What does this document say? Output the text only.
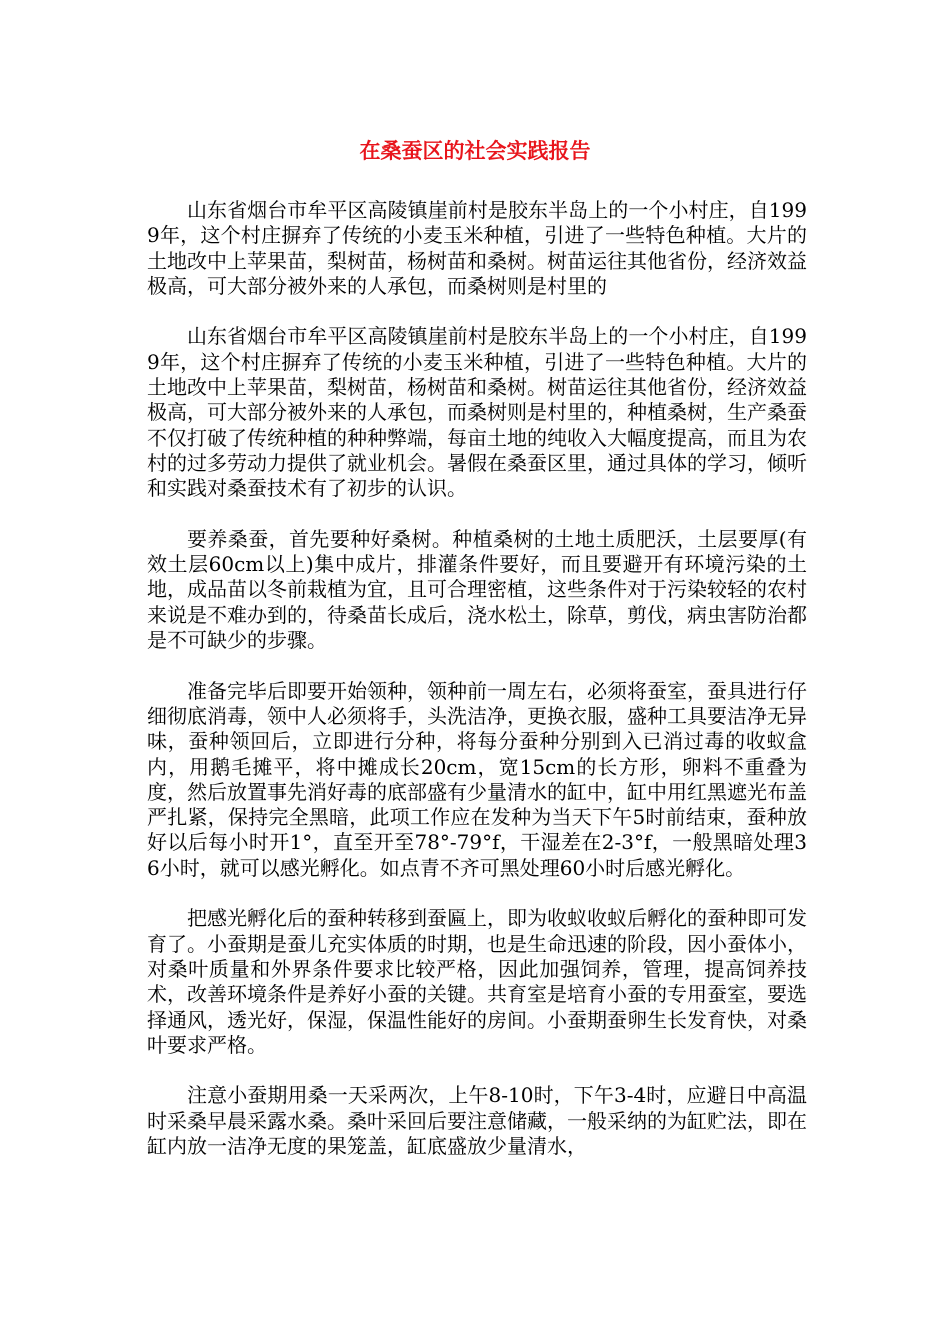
在桑蚕区的社会实践报告

山东省烟台市牟平区高陵镇崖前村是胶东半岛上的一个小村庄，自1999年，这个村庄摒弃了传统的小麦玉米种植，引进了一些特色种植。大片的土地改中上苹果苗，梨树苗，杨树苗和桑树。树苗运往其他省份，经济效益极高，可大部分被外来的人承包，而桑树则是村里的

山东省烟台市牟平区高陵镇崖前村是胶东半岛上的一个小村庄，自1999年，这个村庄摒弃了传统的小麦玉米种植，引进了一些特色种植。大片的土地改中上苹果苗，梨树苗，杨树苗和桑树。树苗运往其他省份，经济效益极高，可大部分被外来的人承包，而桑树则是村里的，种植桑树，生产桑蚕不仅打破了传统种植的种种弊端，每亩土地的纯收入大幅度提高，而且为农村的过多劳动力提供了就业机会。暑假在桑蚕区里，通过具体的学习，倾听和实践对桑蚕技术有了初步的认识。

要养桑蚕，首先要种好桑树。种植桑树的土地土质肥沃，土层要厚(有效土层60cm以上)集中成片，排灌条件要好，而且要避开有环境污染的土地，成品苗以冬前栽植为宜，且可合理密植，这些条件对于污染较轻的农村来说是不难办到的，待桑苗长成后，浇水松土，除草，剪伐，病虫害防治都是不可缺少的步骤。

准备完毕后即要开始领种，领种前一周左右，必须将蚕室，蚕具进行仔细彻底消毒，领中人必须将手，头洗洁净，更换衣服，盛种工具要洁净无异味，蚕种领回后，立即进行分种，将每分蚕种分别到入已消过毒的收蚁盒内，用鹅毛摊平，将中摊成长20cm，宽15cm的长方形，卵料不重叠为度，然后放置事先消好毒的底部盛有少量清水的缸中，缸中用红黑遮光布盖严扎紧，保持完全黑暗，此项工作应在发种为当天下午5时前结束，蚕种放好以后每小时开1°，直至开至78°-79°f，干湿差在2-3°f，一般黑暗处理36小时，就可以感光孵化。如点青不齐可黑处理60小时后感光孵化。

把感光孵化后的蚕种转移到蚕匾上，即为收蚁收蚁后孵化的蚕种即可发育了。小蚕期是蚕儿充实体质的时期，也是生命迅速的阶段，因小蚕体小，对桑叶质量和外界条件要求比较严格，因此加强饲养，管理，提高饲养技术，改善环境条件是养好小蚕的关键。共育室是培育小蚕的专用蚕室，要选择通风，透光好，保湿，保温性能好的房间。小蚕期蚕卵生长发育快，对桑叶要求严格。

注意小蚕期用桑一天采两次，上午8-10时，下午3-4时，应避日中高温时采桑早晨采露水桑。桑叶采回后要注意储藏，一般采纳的为缸贮法，即在缸内放一洁净无度的果笼盖，缸底盛放少量清水，
